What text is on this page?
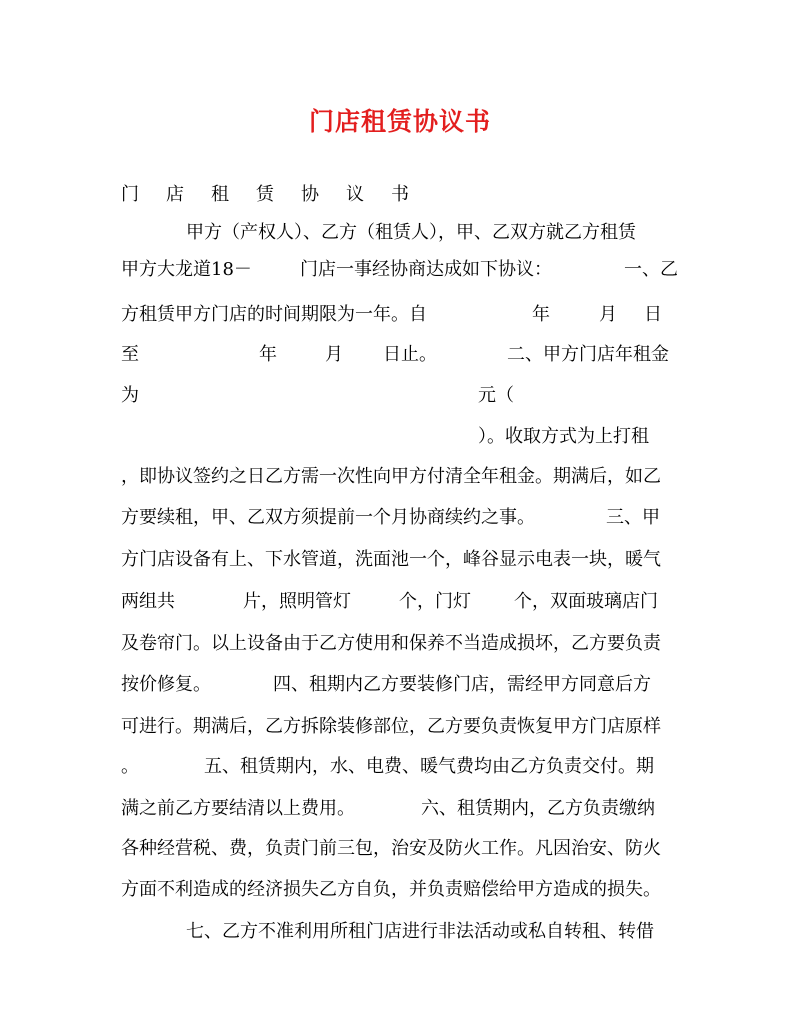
门店租赁协议书
门店租赁协议书
甲方（产权人）、乙方（租赁人），甲、乙双方就乙方租赁
甲方大龙道18－	门店一事经协商达成如下协议：	一、乙
方租赁甲方门店的时间期限为一年。自	年	月 日
至	年	月 日止。	二、甲方门店年租金
为	元（
）。收取方式为上打租
，即协议签约之日乙方需一次性向甲方付清全年租金。期满后，如乙
方要续租，甲、乙双方须提前一个月协商续约之事。	三、甲
方门店设备有上、下水管道，洗面池一个，峰谷显示电表一块，暖气
两组共	片，照明管灯	个，门灯 个，双面玻璃店门
及卷帘门。以上设备由于乙方使用和保养不当造成损坏，乙方要负责
按价修复。	四、租期内乙方要装修门店，需经甲方同意后方
可进行。期满后，乙方拆除装修部位，乙方要负责恢复甲方门店原样
。	五、租赁期内，水、电费、暖气费均由乙方负责交付。期
满之前乙方要结清以上费用。	六、租赁期内，乙方负责缴纳
各种经营税、费，负责门前三包，治安及防火工作。凡因治安、防火
方面不利造成的经济损失乙方自负，并负责赔偿给甲方造成的损失。
七、乙方不准利用所租门店进行非法活动或私自转租、转借
